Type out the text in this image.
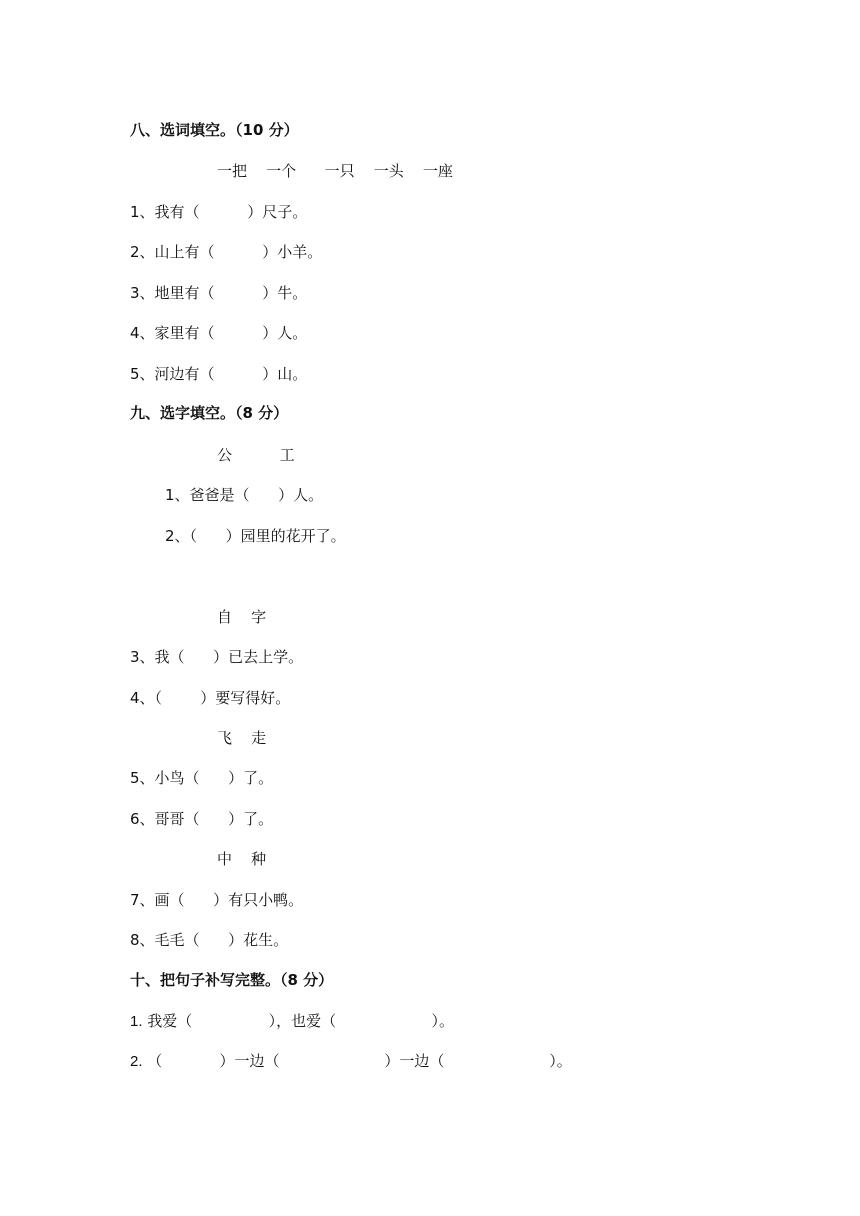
八、选词填空。（10 分）
一把    一个      一只    一头    一座
1、我有（          ）尺子。
2、山上有（          ）小羊。
3、地里有（          ）牛。
4、家里有（          ）人。
5、河边有（          ）山。
九、选字填空。（8 分）
公          工
1、爸爸是（      ）人。
2、（      ）园里的花开了。
自    字
3、我（      ）已去上学。
4、（        ）要写得好。
飞    走
5、小鸟（      ）了。
6、哥哥（      ）了。
中    种
7、画（      ）有只小鸭。
8、毛毛（      ）花生。
十、把句子补写完整。（8 分）
1. 我爱（                ），也爱（                    ）。
2. （            ）一边（                      ）一边（                      ）。
